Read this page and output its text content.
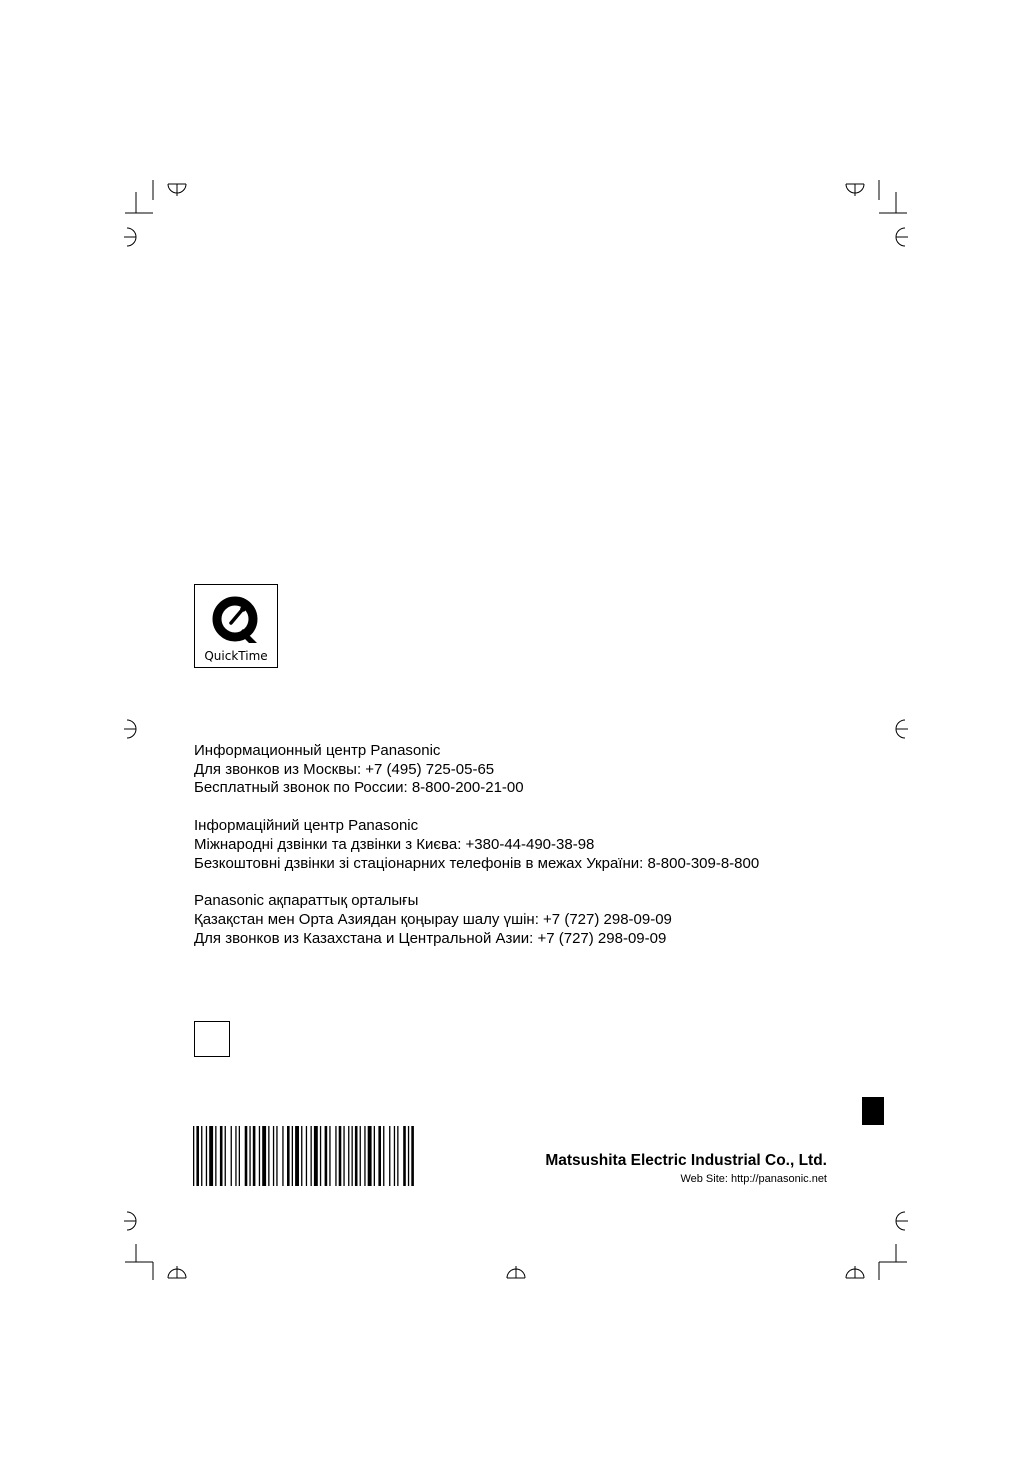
QuickTime
Информационный центр Panasonic
Для звонков из Москвы: +7 (495) 725-05-65
Бесплатный звонок по России: 8-800-200-21-00
Інформаційний центр Panasonic
Міжнародні дзвінки та дзвінки з Києва: +380-44-490-38-98
Безкоштовні дзвінки зі стаціонарних телефонів в межах України: 8-800-309-8-800
Panasonic ақпараттық орталығы
Қазақстан мен Орта Азиядан қоңырау шалу үшін: +7 (727) 298-09-09
Для звонков из Казахстана и Центральной Азии: +7 (727) 298-09-09
Matsushita Electric Industrial Co., Ltd.
Web Site: http://panasonic.net
